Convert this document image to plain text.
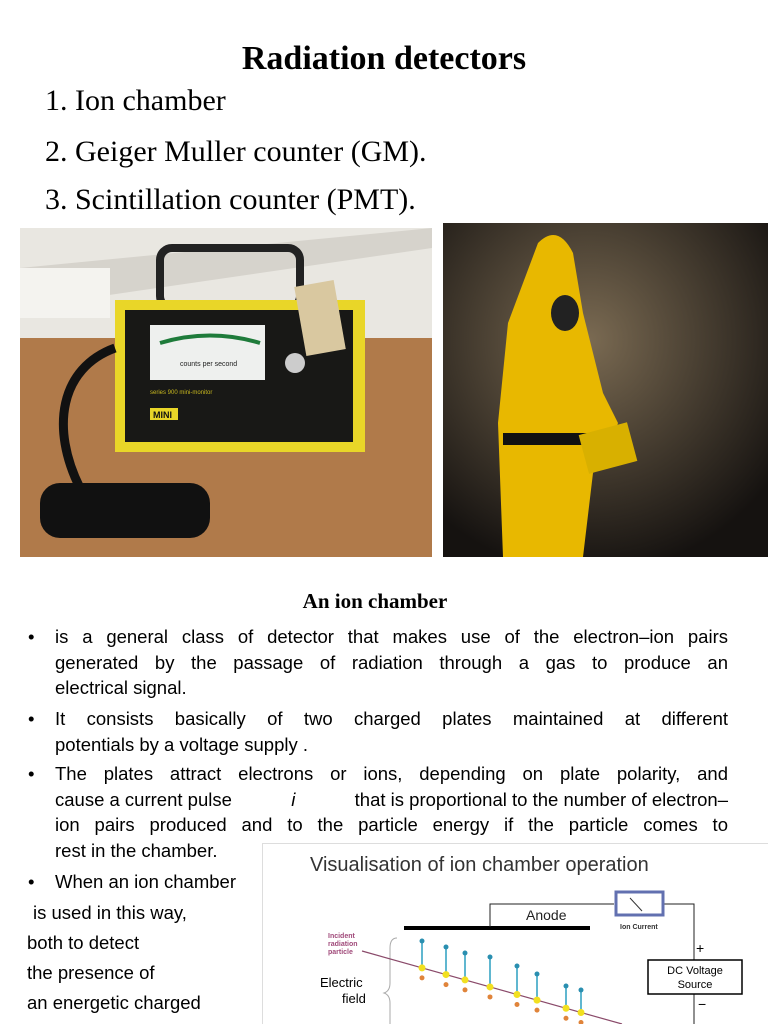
Radiation detectors
1. Ion chamber
2. Geiger Muller counter (GM).
3. Scintillation counter (PMT).
counts per second
series 900 mini-monitor
MINI
An ion chamber
• is a general class of detector that makes use of the electron–ion pairs
generated by the passage of radiation through a gas to produce an
electrical signal.
• It consists basically of two charged plates maintained at different
potentials by a voltage supply .
• The plates attract electrons or ions, depending on plate polarity, and
cause a current pulse	i	that is proportional to the number of electron–
ion pairs produced and to the particle energy if the particle comes to
rest in the chamber.
• When an ion chamber
is used in this way,
both to detect
the presence of
an energetic charged
Visualisation of ion chamber operation
Anode
Ion Current
+
DC Voltage
Source
−
Incident
radiation
particle
Electric
field
